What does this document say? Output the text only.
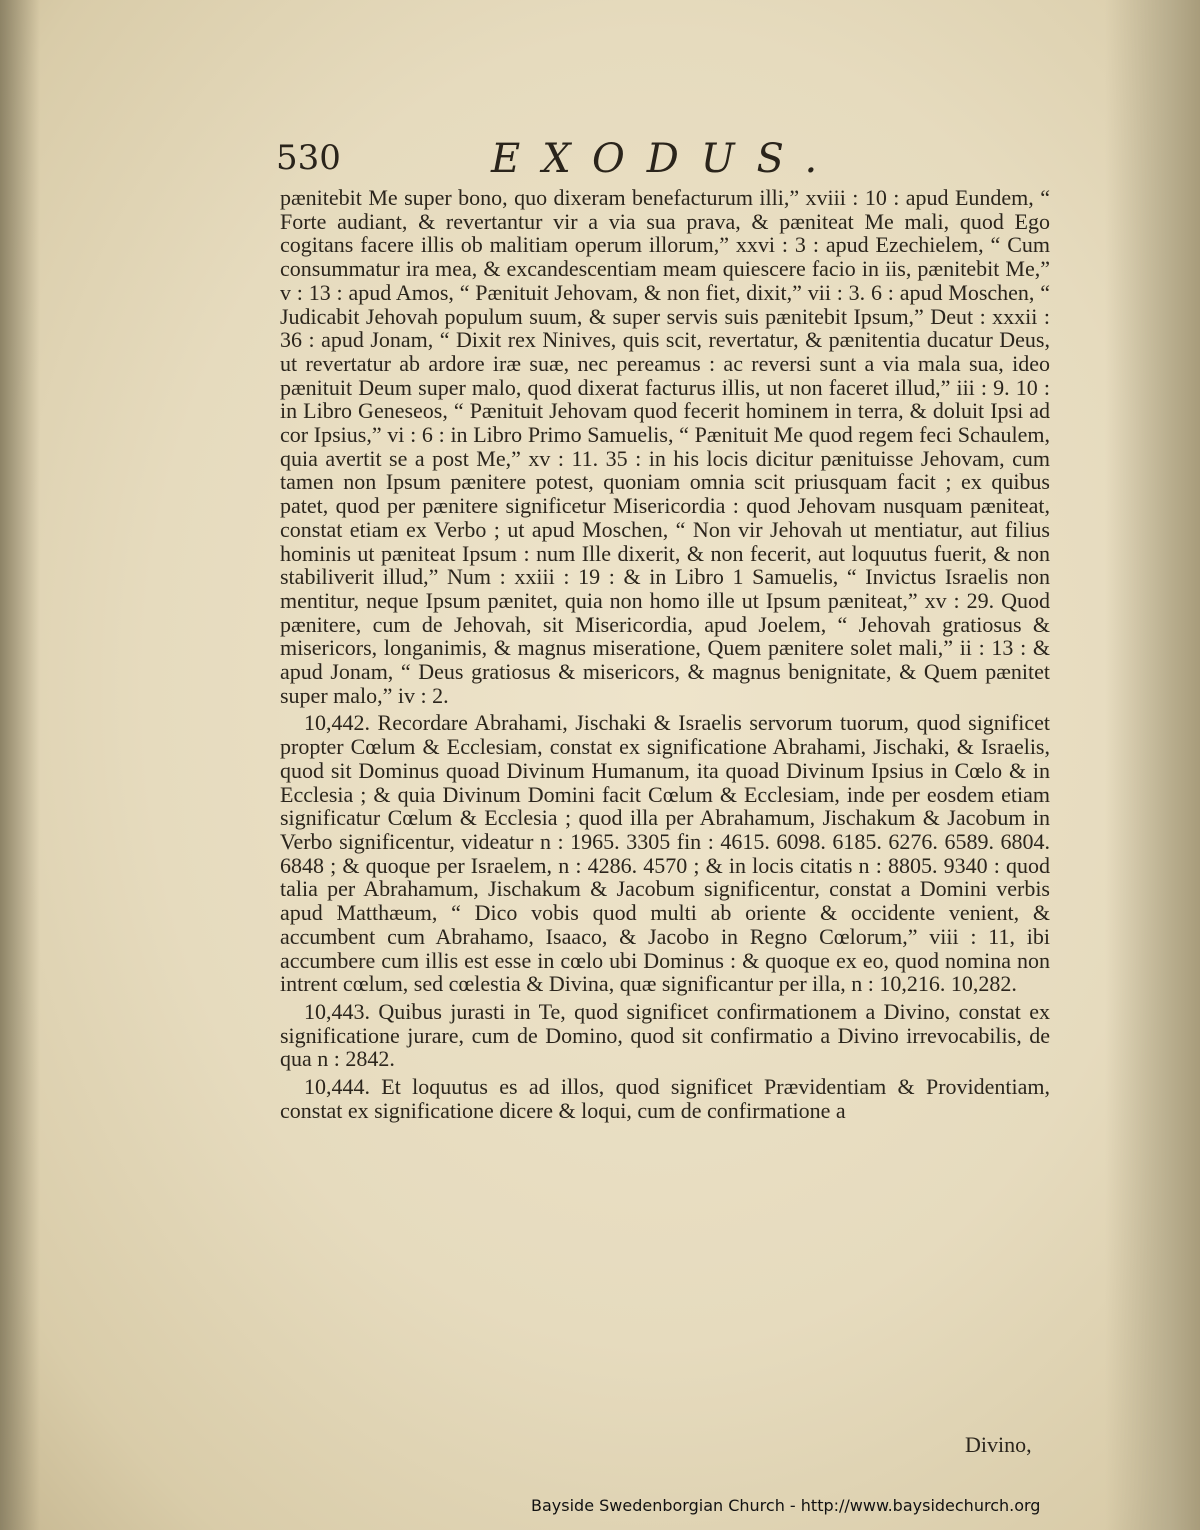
530	EXODUS.

pænitebit Me super bono, quo dixeram benefacturum illi,” xviii : 10 : apud Eundem, “ Forte audiant, & revertantur vir a via sua prava, & pæniteat Me mali, quod Ego cogitans facere illis ob malitiam operum illorum,” xxvi : 3 : apud Ezechielem, “ Cum consummatur ira mea, & excandescentiam meam quiescere facio in iis, pænitebit Me,” v : 13 : apud Amos, “ Pænituit Jehovam, & non fiet, dixit,” vii : 3. 6 : apud Moschen, “ Judicabit Jehovah populum suum, & super servis suis pænitebit Ipsum,” Deut : xxxii : 36 : apud Jonam, “ Dixit rex Ninives, quis scit, revertatur, & pænitentia ducatur Deus, ut revertatur ab ardore iræ suæ, nec pereamus : ac reversi sunt a via mala sua, ideo pænituit Deum super malo, quod dixerat facturus illis, ut non faceret illud,” iii : 9. 10 : in Libro Geneseos, “ Pænituit Jehovam quod fecerit hominem in terra, & doluit Ipsi ad cor Ipsius,” vi : 6 : in Libro Primo Samuelis, “ Pænituit Me quod regem feci Schaulem, quia avertit se a post Me,” xv : 11. 35 : in his locis dicitur pænituisse Jehovam, cum tamen non Ipsum pænitere potest, quoniam omnia scit priusquam facit ; ex quibus patet, quod per pænitere significetur Misericordia : quod Jehovam nusquam pæniteat, constat etiam ex Verbo ; ut apud Moschen, “ Non vir Jehovah ut mentiatur, aut filius hominis ut pæniteat Ipsum : num Ille dixerit, & non fecerit, aut loquutus fuerit, & non stabiliverit illud,” Num : xxiii : 19 : & in Libro 1 Samuelis, “ Invictus Israelis non mentitur, neque Ipsum pænitet, quia non homo ille ut Ipsum pæniteat,” xv : 29. Quod pænitere, cum de Jehovah, sit Misericordia, apud Joelem, “ Jehovah gratiosus & misericors, longanimis, & magnus miseratione, Quem pænitere solet mali,” ii : 13 : & apud Jonam, “ Deus gratiosus & misericors, & magnus benignitate, & Quem pænitet super malo,” iv : 2.

10,442. Recordare Abrahami, Jischaki & Israelis servorum tuorum, quod significet propter Cœlum & Ecclesiam, constat ex significatione Abrahami, Jischaki, & Israelis, quod sit Dominus quoad Divinum Humanum, ita quoad Divinum Ipsius in Cœlo & in Ecclesia ; & quia Divinum Domini facit Cœlum & Ecclesiam, inde per eosdem etiam significatur Cœlum & Ecclesia ; quod illa per Abrahamum, Jischakum & Jacobum in Verbo significentur, videatur n : 1965. 3305 fin : 4615. 6098. 6185. 6276. 6589. 6804. 6848 ; & quoque per Israelem, n : 4286. 4570 ; & in locis citatis n : 8805. 9340 : quod talia per Abrahamum, Jischakum & Jacobum significentur, constat a Domini verbis apud Matthæum, “ Dico vobis quod multi ab oriente & occidente venient, & accumbent cum Abrahamo, Isaaco, & Jacobo in Regno Cœlorum,” viii : 11, ibi accumbere cum illis est esse in cœlo ubi Dominus : & quoque ex eo, quod nomina non intrent cœlum, sed cœlestia & Divina, quæ significantur per illa, n : 10,216. 10,282.

10,443. Quibus jurasti in Te, quod significet confirmationem a Divino, constat ex significatione jurare, cum de Domino, quod sit confirmatio a Divino irrevocabilis, de qua n : 2842.

10,444. Et loquutus es ad illos, quod significet Prævidentiam & Providentiam, constat ex significatione dicere & loqui, cum de confirmatione a

Divino,
Bayside Swedenborgian Church - http://www.baysidechurch.org
